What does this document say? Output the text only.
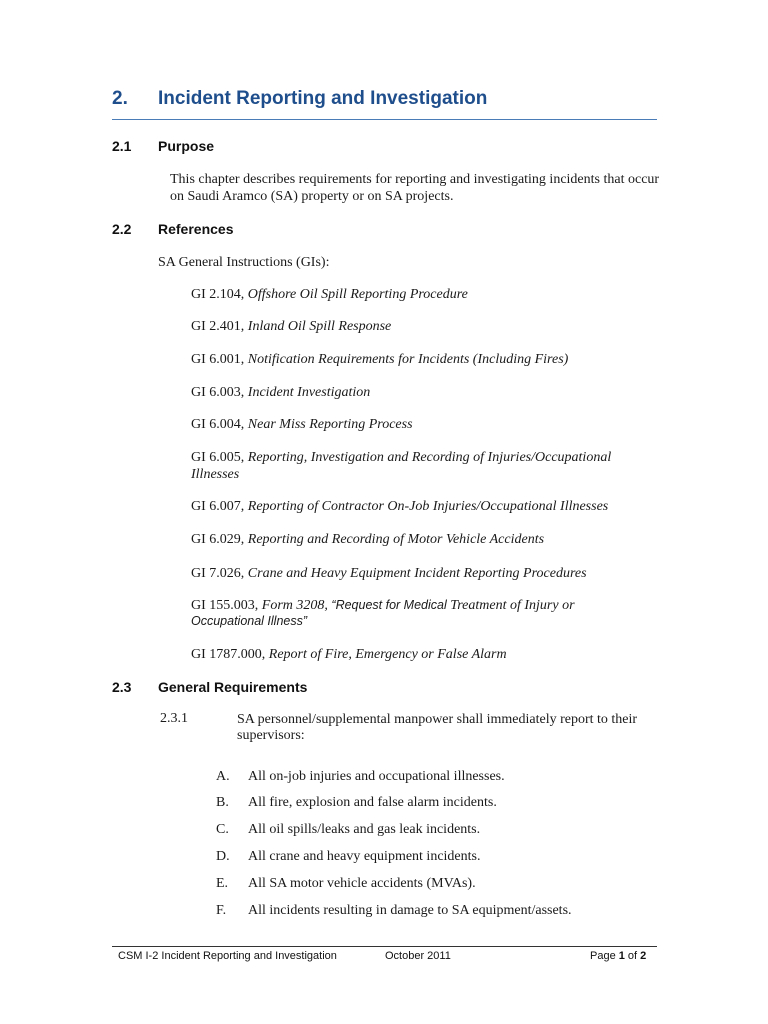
2. Incident Reporting and Investigation
2.1 Purpose

This chapter describes requirements for reporting and investigating incidents that occur

on Saudi Aramco (SA) property or on SA projects.

2.2 References

SA General Instructions (GIs):

GI 2.104, Offshore Oil Spill Reporting Procedure

GI 2.401, Inland Oil Spill Response

GI 6.001, Notification Requirements for Incidents (Including Fires)

GI 6.003, Incident Investigation

GI 6.004, Near Miss Reporting Process

GI 6.005, Reporting, Investigation and Recording of Injuries/Occupational

Illnesses

GI 6.007, Reporting of Contractor On-Job Injuries/Occupational Illnesses

GI 6.029, Reporting and Recording of Motor Vehicle Accidents

GI 7.026, Crane and Heavy Equipment Incident Reporting Procedures

GI 155.003, Form 3208, “Request for Medical Treatment of Injury or

Occupational Illness”

GI 1787.000, Report of Fire, Emergency or False Alarm

2.3 General Requirements
2.3.1	SA personnel/supplemental manpower shall immediately report to their

supervisors:

A. All on-job injuries and occupational illnesses.
B. All fire, explosion and false alarm incidents.
C. All oil spills/leaks and gas leak incidents.
D. All crane and heavy equipment incidents.
E. All SA motor vehicle accidents (MVAs).
F. All incidents resulting in damage to SA equipment/assets.
CSM I-2 Incident Reporting and Investigation	October 2011	Page 1 of 2
